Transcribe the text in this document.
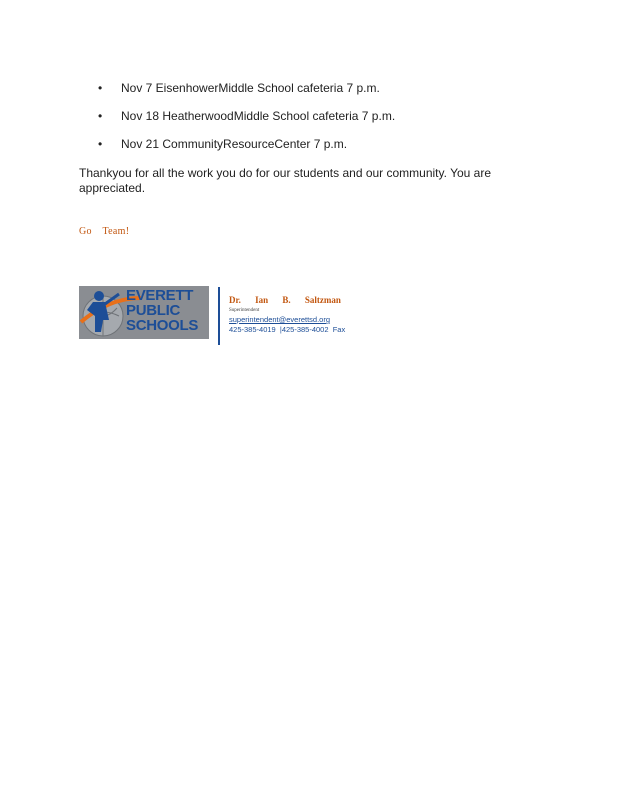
• Nov 7 EisenhowerMiddle School cafeteria 7 p.m.
• Nov 18 HeatherwoodMiddle School cafeteria 7 p.m.
• Nov 21 CommunityResourceCenter 7 p.m.

Thankyou for all the work you do for our students and our community. You are appreciated.

Go Team!
EVERETT
PUBLIC
SCHOOLS
Dr. Ian B. Saltzman
Superintendent
superintendent@everettsd.org
425-385-4019  |425-385-4002  Fax
